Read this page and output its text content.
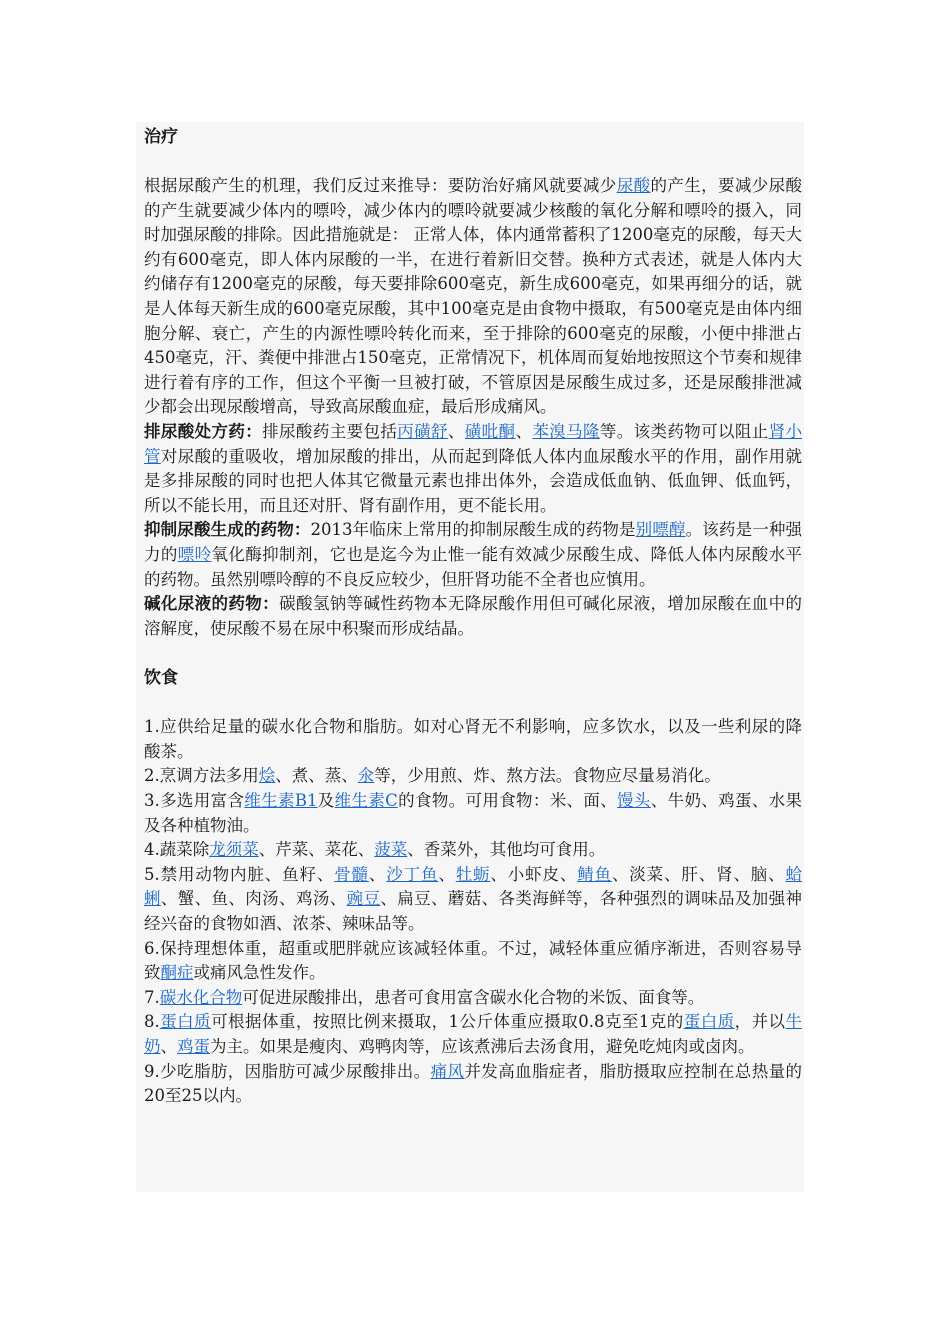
治疗

根据尿酸产生的机理，我们反过来推导：要防治好痛风就要减少尿酸的产生，要减少尿酸的产生就要减少体内的嘌呤，减少体内的嘌呤就要减少核酸的氧化分解和嘌呤的摄入，同时加强尿酸的排除。因此措施就是： 正常人体，体内通常蓄积了1200毫克的尿酸，每天大约有600毫克，即人体内尿酸的一半，在进行着新旧交替。换种方式表述，就是人体内大约储存有1200毫克的尿酸，每天要排除600毫克，新生成600毫克，如果再细分的话，就是人体每天新生成的600毫克尿酸，其中100毫克是由食物中摄取，有500毫克是由体内细胞分解、衰亡，产生的内源性嘌呤转化而来，至于排除的600毫克的尿酸，小便中排泄占450毫克，汗、粪便中排泄占150毫克，正常情况下，机体周而复始地按照这个节奏和规律进行着有序的工作，但这个平衡一旦被打破，不管原因是尿酸生成过多，还是尿酸排泄减少都会出现尿酸增高，导致高尿酸血症，最后形成痛风。

排尿酸处方药：排尿酸药主要包括丙磺舒、磺吡酮、苯溴马隆等。该类药物可以阻止肾小管对尿酸的重吸收，增加尿酸的排出，从而起到降低人体内血尿酸水平的作用，副作用就是多排尿酸的同时也把人体其它微量元素也排出体外，会造成低血钠、低血钾、低血钙，所以不能长用，而且还对肝、肾有副作用，更不能长用。

抑制尿酸生成的药物：2013年临床上常用的抑制尿酸生成的药物是别嘌醇。该药是一种强力的嘌呤氧化酶抑制剂，它也是迄今为止惟一能有效减少尿酸生成、降低人体内尿酸水平的药物。虽然别嘌呤醇的不良反应较少，但肝肾功能不全者也应慎用。

碱化尿液的药物：碳酸氢钠等碱性药物本无降尿酸作用但可碱化尿液，增加尿酸在血中的溶解度，使尿酸不易在尿中积聚而形成结晶。

饮食

1.应供给足量的碳水化合物和脂肪。如对心肾无不利影响，应多饮水，以及一些利尿的降酸茶。

2.烹调方法多用烩、煮、蒸、氽等，少用煎、炸、熬方法。食物应尽量易消化。

3.多选用富含维生素B1及维生素C的食物。可用食物：米、面、馒头、牛奶、鸡蛋、水果及各种植物油。

4.蔬菜除龙须菜、芹菜、菜花、菠菜、香菜外，其他均可食用。

5.禁用动物内脏、鱼籽、骨髓、沙丁鱼、牡蛎、小虾皮、鲭鱼、淡菜、肝、肾、脑、蛤蜊、蟹、鱼、肉汤、鸡汤、豌豆、扁豆、蘑菇、各类海鲜等，各种强烈的调味品及加强神经兴奋的食物如酒、浓茶、辣味品等。

6.保持理想体重，超重或肥胖就应该减轻体重。不过，减轻体重应循序渐进，否则容易导致酮症或痛风急性发作。

7.碳水化合物可促进尿酸排出，患者可食用富含碳水化合物的米饭、面食等。

8.蛋白质可根据体重，按照比例来摄取，1公斤体重应摄取0.8克至1克的蛋白质，并以牛奶、鸡蛋为主。如果是瘦肉、鸡鸭肉等，应该煮沸后去汤食用，避免吃炖肉或卤肉。

9.少吃脂肪，因脂肪可减少尿酸排出。痛风并发高血脂症者，脂肪摄取应控制在总热量的20至25以内。
